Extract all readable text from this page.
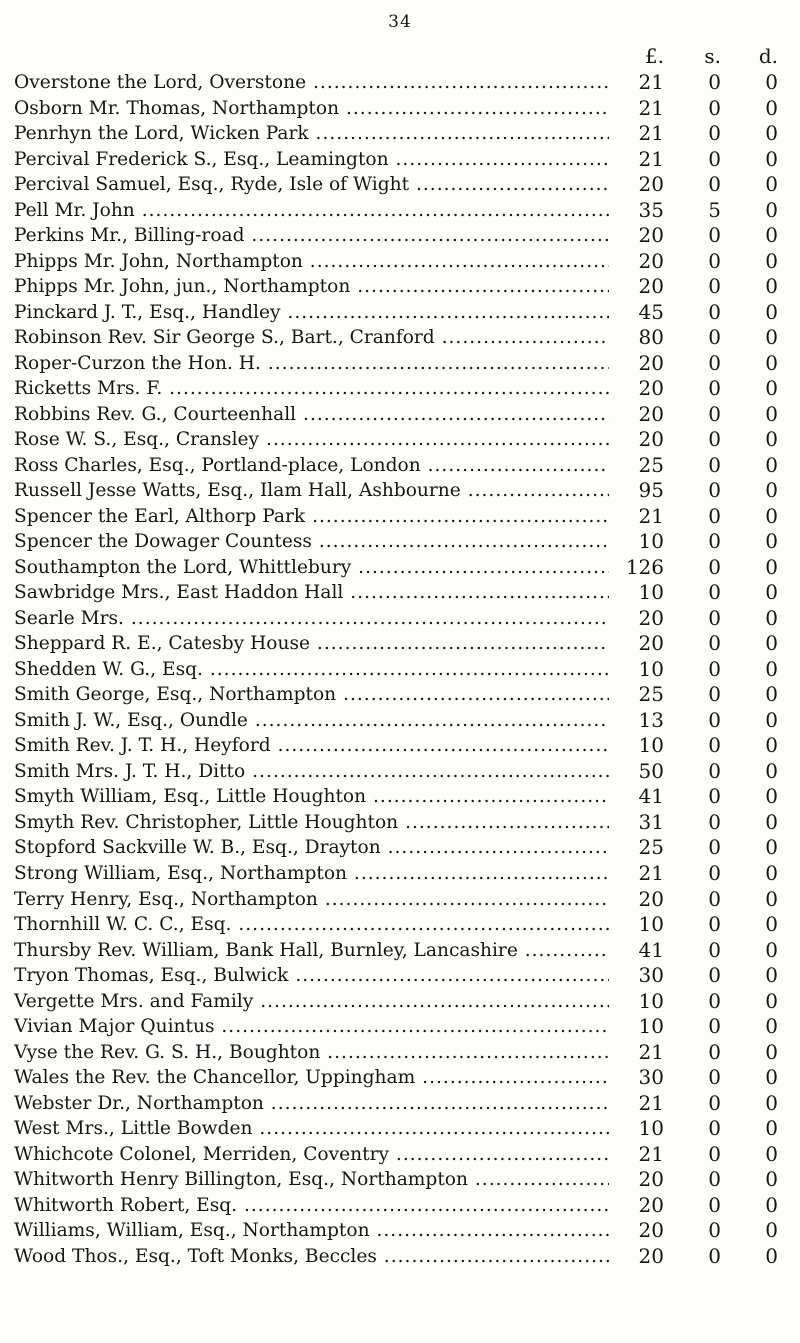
34
£.	s.	d.
Overstone the Lord, Overstone .....	21	0	0
Osborn Mr. Thomas, Northampton .....	21	0	0
Penrhyn the Lord, Wicken Park .....	21	0	0
Percival Frederick S., Esq., Leamington .....	21	0	0
Percival Samuel, Esq., Ryde, Isle of Wight .....	20	0	0
Pell Mr. John .....	35	5	0
Perkins Mr., Billing-road .....	20	0	0
Phipps Mr. John, Northampton .....	20	0	0
Phipps Mr. John, jun., Northampton .....	20	0	0
Pinckard J. T., Esq., Handley .....	45	0	0
Robinson Rev. Sir George S., Bart., Cranford .....	80	0	0
Roper-Curzon the Hon. H. .....	20	0	0
Ricketts Mrs. F. .....	20	0	0
Robbins Rev. G., Courteenhall .....	20	0	0
Rose W. S., Esq., Cransley .....	20	0	0
Ross Charles, Esq., Portland-place, London .....	25	0	0
Russell Jesse Watts, Esq., Ilam Hall, Ashbourne .....	95	0	0
Spencer the Earl, Althorp Park .....	21	0	0
Spencer the Dowager Countess .....	10	0	0
Southampton the Lord, Whittlebury .....	126	0	0
Sawbridge Mrs., East Haddon Hall .....	10	0	0
Searle Mrs. .....	20	0	0
Sheppard R. E., Catesby House .....	20	0	0
Shedden W. G., Esq. .....	10	0	0
Smith George, Esq., Northampton .....	25	0	0
Smith J. W., Esq., Oundle .....	13	0	0
Smith Rev. J. T. H., Heyford .....	10	0	0
Smith Mrs. J. T. H., Ditto .....	50	0	0
Smyth William, Esq., Little Houghton .....	41	0	0
Smyth Rev. Christopher, Little Houghton .....	31	0	0
Stopford Sackville W. B., Esq., Drayton .....	25	0	0
Strong William, Esq., Northampton .....	21	0	0
Terry Henry, Esq., Northampton .....	20	0	0
Thornhill W. C. C., Esq. .....	10	0	0
Thursby Rev. William, Bank Hall, Burnley, Lancashire .....	41	0	0
Tryon Thomas, Esq., Bulwick .....	30	0	0
Vergette Mrs. and Family .....	10	0	0
Vivian Major Quintus .....	10	0	0
Vyse the Rev. G. S. H., Boughton .....	21	0	0
Wales the Rev. the Chancellor, Uppingham .....	30	0	0
Webster Dr., Northampton .....	21	0	0
West Mrs., Little Bowden .....	10	0	0
Whichcote Colonel, Merriden, Coventry .....	21	0	0
Whitworth Henry Billington, Esq., Northampton .....	20	0	0
Whitworth Robert, Esq. .....	20	0	0
Williams, William, Esq., Northampton .....	20	0	0
Wood Thos., Esq., Toft Monks, Beccles .....	20	0	0
